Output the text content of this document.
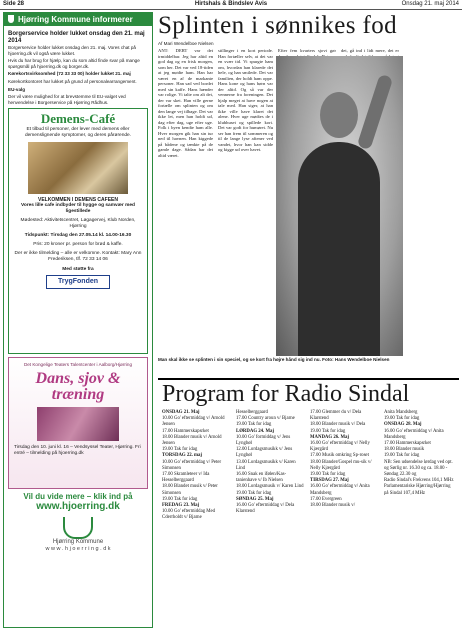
Side 28	Hirtshals & Bindslev Avis	Onsdag 21. maj 2014
Hjørring Kommune informerer
Borgerservice holder lukket onsdag den 21. maj 2014

Borgerservice holder lukket onsdag den 21. maj. Vores chat på hjoerring.dk vil også være lukket.

Hvis du har brug for hjælp, kan du som altid finde svar på mange spørgsmål på hjoerring.dk og borger.dk.

Kørekortsvirksomhed (72 33 33 00) holder lukket 21. maj

Kørekortkontoret har lukket på grund af personalearrangement.

EU-valg

Der vil være mulighed for at brevstemme til EU-valget ved henvendelse i Borgerservice på Hjørring Rådhus.

Demens-Café
Et tilbud til personer, der lever med demens eller demenslignende symptomer, og deres pårørende.
VELKOMMEN I DEMENS CAFEEN
Vores lille cafe indbyder til hygge og samvær med ligestillede
Mødested: Aktivitetscentret, Løgagervej, Klub Norden, Hjørring
Tidspunkt: Tirsdag den 27.05.14 kl. 14.00-16.30
Pris: 20 kroner pr. person for brød & kaffe.
Der er ikke tilmelding – alle er velkomne. Kontakt: Mary Ann Frederiksen, tlf. 72 33 14 06
Med støtte fra
TrygFonden
Det Kongelige Teaters Talentcenter i Aalborg/Hjørring
Dans, sjov & træning
Tirsdag den 10. juni kl. 16 – Vendsyssel Teater, Hjørring. Fri entré – tilmelding på hjoerring.dk
Vil du vide mere – klik ind på
www.hjoerring.dk
Hjørring Kommune
w w w . h j o e r r i n g . d k
Splinten i sønnikes fod
Af Mari Wendelboe Nielsen
ANT: DERT var det irmiddelbar. Jeg har altid en god dag og en frisk morgen, som her. Det var ved 18-tiden at jeg mødte ham. Han har været en af de markante personer. Han sad ved bordet med sin kaffe. Hans hænder var rolige. Vi talte om alt det, der var sket. Han ville gerne fortælle om splinten og om den lange vej tilbage. Det var ikke let, men han holdt ud, dag efter dag, uge efter uge. Folk i byen kendte ham alle. Hver morgen gik han sin tur ned til havnen. Han kiggede på bådene og tænkte på de gamle dage. Sådan har det altid været.
stillinger i en kort periode. Han fortæller selv, at det var en svær tid. Vi spurgte ham om, hvordan han klarede det hele, og han smilede. Det var familien, der holdt ham oppe. Hans kone og hans børn var der altid. Og så var der vennerne fra foreningen. Det hjalp meget at have nogen at tale med. Han siger, at han ikke ville have klaret det alene. Hver uge mødtes de i klubhuset og spillede kort. Det var godt for humøret. Nu ser han frem til sommeren og til de lange lyse aftener ved vandet, hvor han kan sidde og kigge ud over havet.
Efter fem kvarters sjovt gør det, gå ind i lidt mere, det er
Man skal ikke se splinten i sin speciel, og se kort fra højre hånd sig ind nu. Foto: Hans Wendelboe Nielsen
Program for Radio Sindal
ONSDAG 21. Maj
10.00 Go' eftermiddag v/ Arnold Jensen
17.00 Hammerskapsrket
18.00 Blander musik v/ Arnold Jensen
19.00 Tak for idag
TORSDAG 22. maj
10.00 Go' eftermiddag v/ Peter Simonsen
17.00 Skramleteer v/ Ida Hesselberggaard
18.00 Blandet musik v/ Peter Simonsen
19.00 Tak for idag
FREDAG 23. Maj
10.00 Go' eftermiddag Med Cderrholdt v/ Bjarne
Hesselberggaard
17.00 Country aroun v/ Bjarne
19.00 Tak for idag
LØRDAG 24. Maj
10.00 Go' formiddag v/ Jens Lyngbøl
12.00 Lordagsmusikk v/ Jens Lyngbøl
13.00 Lordagsmusikk v/ Karen Lind
16.00 Snak en ifølen/Kas-tanienhave v/ Ib Nielsen
18.00 Lordagsmusik v/ Karen Lind
19.00 Tak for idag
SØNDAG 25. Maj
16.00 Go' eftermiddag v/ Dela Klarstend
17.00 Glemmer du v/ Dela Klarstend
18.00 Blander musik v/ Dela
19.00 Tak for idag
MANDAG 26. Maj
16.00 Go' eftermiddag v/ Nelly Kjærgård
17.00 Musik omkring Sp-roset
18.00 Blander/Gospel mu-sik v/ Nelly Kjærgård
19.00 Tak for idag
TIRSDAG 27. Maj
16.00 Go' eftermiddag v/ Anita Mandsberg
17.00 Evergreen
18.00 Blander musik v/
Anita Mandsberg
19.00 Tak for idag
ONSDAG 28. Maj
16.00 Go' eftermiddag v/ Anita Mandsberg
17.00 Hammerskapsrket
18.00 Blander musik
19.00 Tak for idag
NB: Sen udsendelse lørdag ved opt. og Sørlig nr. 16.30 og ca. 18.00 -
Søndag 22.30 og
Radio Sindal's Frekvens 104,1 MHz
Parlamentariske Hjørring/Hjørring på Sindal 107,4 MHz
